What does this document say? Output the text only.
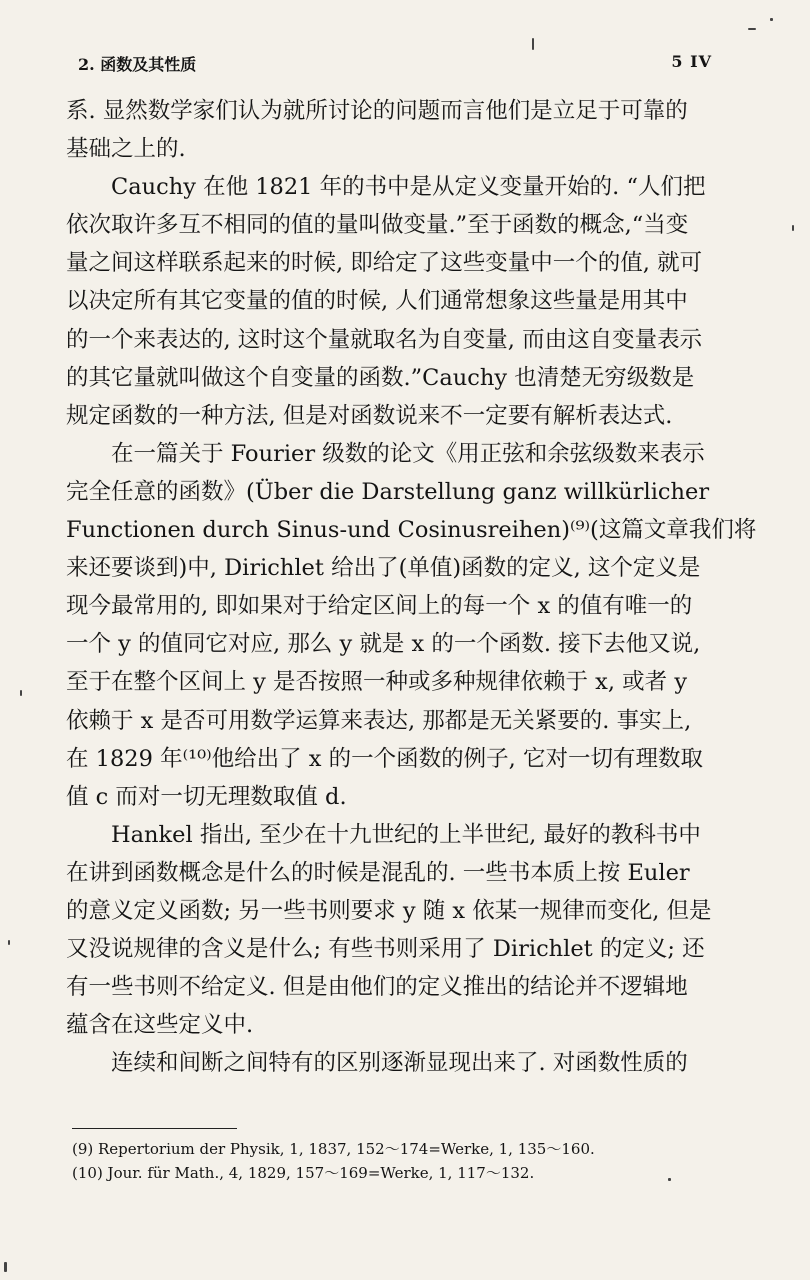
2. 函数及其性质	5 IV
系. 显然数学家们认为就所讨论的问题而言他们是立足于可靠的
基础之上的.
　　Cauchy 在他 1821 年的书中是从定义变量开始的. “人们把
依次取许多互不相同的值的量叫做变量.”至于函数的概念,“当变
量之间这样联系起来的时候, 即给定了这些变量中一个的值, 就可
以决定所有其它变量的值的时候, 人们通常想象这些量是用其中
的一个来表达的, 这时这个量就取名为自变量, 而由这自变量表示
的其它量就叫做这个自变量的函数.”Cauchy 也清楚无穷级数是
规定函数的一种方法, 但是对函数说来不一定要有解析表达式.
　　在一篇关于 Fourier 级数的论文《用正弦和余弦级数来表示
完全任意的函数》(Über die Darstellung ganz willkürlicher
Functionen durch Sinus-und Cosinusreihen)⁽⁹⁾(这篇文章我们将
来还要谈到)中, Dirichlet 给出了(单值)函数的定义, 这个定义是
现今最常用的, 即如果对于给定区间上的每一个 x 的值有唯一的
一个 y 的值同它对应, 那么 y 就是 x 的一个函数. 接下去他又说,
至于在整个区间上 y 是否按照一种或多种规律依赖于 x, 或者 y
依赖于 x 是否可用数学运算来表达, 那都是无关紧要的. 事实上,
在 1829 年⁽¹⁰⁾他给出了 x 的一个函数的例子, 它对一切有理数取
值 c 而对一切无理数取值 d.
　　Hankel 指出, 至少在十九世纪的上半世纪, 最好的教科书中
在讲到函数概念是什么的时候是混乱的. 一些书本质上按 Euler
的意义定义函数; 另一些书则要求 y 随 x 依某一规律而变化, 但是
又没说规律的含义是什么; 有些书则采用了 Dirichlet 的定义; 还
有一些书则不给定义. 但是由他们的定义推出的结论并不逻辑地
蕴含在这些定义中.
　　连续和间断之间特有的区别逐渐显现出来了. 对函数性质的
(9) Repertorium der Physik, 1, 1837, 152～174=Werke, 1, 135～160.
(10) Jour. für Math., 4, 1829, 157～169=Werke, 1, 117～132.
